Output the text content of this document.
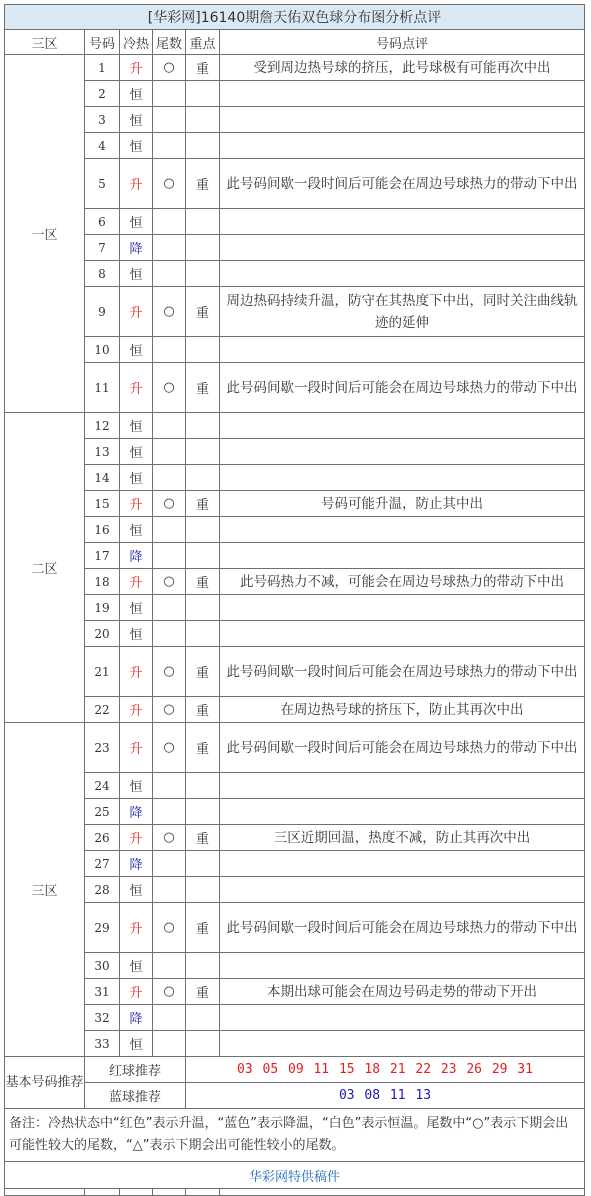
[华彩网]16140期詹天佑双色球分布图分析点评					
三区	号码	冷热	尾数	重点	号码点评
一区	1	升	○	重	受到周边热号球的挤压，此号球极有可能再次中出
	2	恒			
	3	恒			
	4	恒			
	5	升	○	重	此号码间歇一段时间后可能会在周边号球热力的带动下中出
	6	恒			
	7	降			
	8	恒			
	9	升	○	重	周边热码持续升温，防守在其热度下中出，同时关注曲线轨迹的延伸
	10	恒			
	11	升	○	重	此号码间歇一段时间后可能会在周边号球热力的带动下中出
二区	12	恒			
	13	恒			
	14	恒			
	15	升	○	重	号码可能升温，防止其中出
	16	恒			
	17	降			
	18	升	○	重	此号码热力不减，可能会在周边号球热力的带动下中出
	19	恒			
	20	恒			
	21	升	○	重	此号码间歇一段时间后可能会在周边号球热力的带动下中出
	22	升	○	重	在周边热号球的挤压下，防止其再次中出
三区	23	升	○	重	此号码间歇一段时间后可能会在周边号球热力的带动下中出
	24	恒			
	25	降			
	26	升	○	重	三区近期回温，热度不减，防止其再次中出
	27	降			
	28	恒			
	29	升	○	重	此号码间歇一段时间后可能会在周边号球热力的带动下中出
	30	恒			
	31	升	○	重	本期出球可能会在周边号码走势的带动下开出
	32	降			
	33	恒			
基本号码推荐	红球推荐			03 05 09 11 15 18 21 22 23 26 29 31	
	蓝球推荐			03 08 11 13	
备注：冷热状态中“红色”表示升温，“蓝色”表示降温，“白色”表示恒温。尾数中“○”表示下期会出可能性较大的尾数，“△”表示下期会出可能性较小的尾数。					
华彩网特供稿件					
